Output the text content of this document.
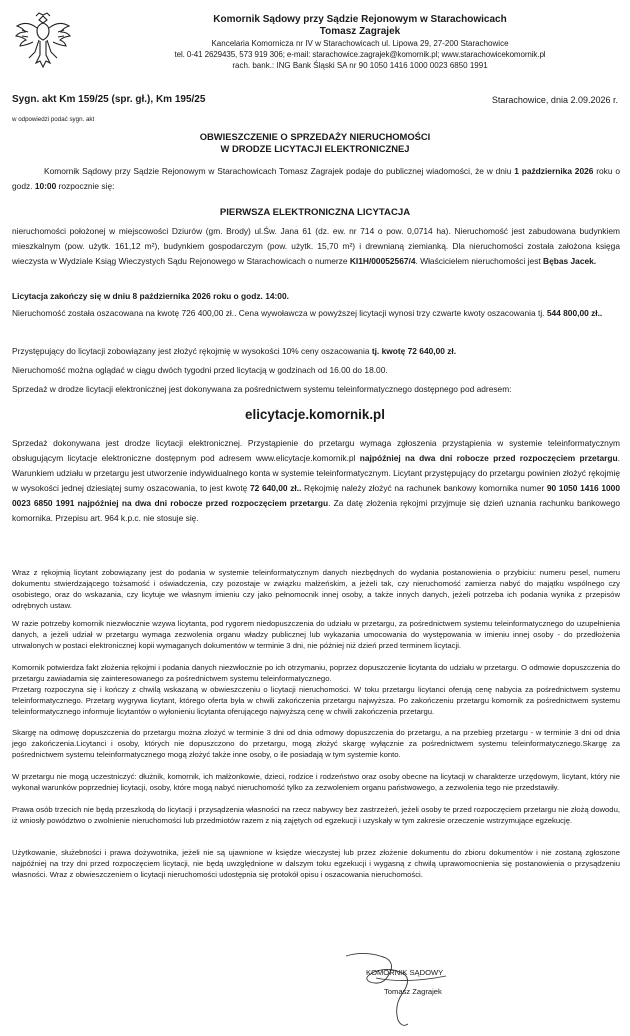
Komornik Sądowy przy Sądzie Rejonowym w Starachowicach
Tomasz Zagrajek
Kancelaria Komornicza nr IV w Starachowicach ul. Lipowa 29, 27-200 Starachowice
tel. 0-41 2629435, 573 919 306; e-mail: starachowice.zagrajek@komornik.pl; www.starachowicekomornik.pl
rach. bank.: ING Bank Śląski SA nr 90 1050 1416 1000 0023 6850 1991
Sygn. akt Km 159/25 (spr. gł.), Km 195/25	Starachowice, dnia 2.09.2026 r.
w odpowiedzi podać sygn. akt
OBWIESZCZENIE O SPRZEDAŻY NIERUCHOMOŚCI
W DRODZE LICYTACJI ELEKTRONICZNEJ
Komornik Sądowy przy Sądzie Rejonowym w Starachowicach Tomasz Zagrajek podaje do publicznej wiadomości, że w dniu 1 października 2026 roku o godz. 10:00 rozpocznie się:
PIERWSZA ELEKTRONICZNA LICYTACJA
nieruchomości położonej w miejscowości Dziurów (gm. Brody) ul.Św. Jana 61 (dz. ew. nr 714 o pow. 0,0714 ha). Nieruchomość jest zabudowana budynkiem mieszkalnym (pow. użytk. 161,12 m²), budynkiem gospodarczym (pow. użytk. 15,70 m²) i drewnianą ziemianką. Dla nieruchomości została założona księga wieczysta w Wydziale Ksiąg Wieczystych Sądu Rejonowego w Starachowicach o numerze KI1H/00052567/4. Właścicielem nieruchomości jest Bębas Jacek.
Licytacja zakończy się w dniu 8 października 2026 roku o godz. 14:00.
Nieruchomość została oszacowana na kwotę 726 400,00 zł.. Cena wywoławcza w powyższej licytacji wynosi trzy czwarte kwoty oszacowania tj. 544 800,00 zł..
Przystępujący do licytacji zobowiązany jest złożyć rękojmię w wysokości 10% ceny oszacowania tj. kwotę 72 640,00 zł.
Nieruchomość można oglądać w ciągu dwóch tygodni przed licytacją w godzinach od 16.00 do 18.00.
Sprzedaż w drodze licytacji elektronicznej jest dokonywana za pośrednictwem systemu teleinformatycznego dostępnego pod adresem:
elicytacje.komornik.pl
Sprzedaż dokonywana jest drodze licytacji elektronicznej. Przystąpienie do przetargu wymaga zgłoszenia przystąpienia w systemie teleinformatycznym obsługującym licytacje elektroniczne dostępnym pod adresem www.elicytacje.komornik.pl najpóźniej na dwa dni robocze przed rozpoczęciem przetargu. Warunkiem udziału w przetargu jest utworzenie indywidualnego konta w systemie teleinformatycznym. Licytant przystępujący do przetargu powinien złożyć rękojmię w wysokości jednej dziesiątej sumy oszacowania, to jest kwotę 72 640,00 zł.. Rękojmię należy złożyć na rachunek bankowy komornika numer 90 1050 1416 1000 0023 6850 1991 najpóźniej na dwa dni robocze przed rozpoczęciem przetargu. Za datę złożenia rękojmi przyjmuje się dzień uznania rachunku bankowego komornika. Przepisu art. 964 k.p.c. nie stosuje się.
Wraz z rękojmią licytant zobowiązany jest do podania w systemie teleinformatycznym danych niezbędnych do wydania postanowienia o przybiciu: numeru pesel, numeru dokumentu stwierdzającego tożsamość i oświadczenia, czy pozostaje w związku małżeńskim, a jeżeli tak, czy nieruchomość zamierza nabyć do majątku wspólnego czy osobistego, oraz do wskazania, czy licytuje we własnym imieniu czy jako pełnomocnik innej osoby, a także innych danych, jeżeli potrzeba ich podania wynika z przepisów odrębnych ustaw.
W razie potrzeby komornik niezwłocznie wzywa licytanta, pod rygorem niedopuszczenia do udziału w przetargu, za pośrednictwem systemu teleinformatycznego do uzupełnienia danych, a jeżeli udział w przetargu wymaga zezwolenia organu władzy publicznej lub wykazania umocowania do występowania w imieniu innej osoby - do przedłożenia utrwalonych w postaci elektronicznej kopii wymaganych dokumentów w terminie 3 dni, nie później niż dzień przed terminem licytacji.
Komornik potwierdza fakt złożenia rękojmi i podania danych niezwłocznie po ich otrzymaniu, poprzez dopuszczenie licytanta do udziału w przetargu. O odmowie dopuszczenia do przetargu zawiadamia się zainteresowanego za pośrednictwem systemu teleinformatycznego.
Przetarg rozpoczyna się i kończy z chwilą wskazaną w obwieszczeniu o licytacji nieruchomości. W toku przetargu licytanci oferują cenę nabycia za pośrednictwem systemu teleinformatycznego. Przetarg wygrywa licytant, którego oferta była w chwili zakończenia przetargu najwyższa. Po zakończeniu przetargu komornik za pośrednictwem systemu teleinformatycznego informuje licytantów o wyłonieniu licytanta oferującego najwyższą cenę w chwili zakończenia przetargu.
Skargę na odmowę dopuszczenia do przetargu można złożyć w terminie 3 dni od dnia odmowy dopuszczenia do przetargu, a na przebieg przetargu - w terminie 3 dni od dnia jego zakończenia.Licytanci i osoby, których nie dopuszczono do przetargu, mogą złożyć skargę wyłącznie za pośrednictwem systemu teleinformatycznego.Skargę za pośrednictwem systemu teleinformatycznego mogą złożyć także inne osoby, o ile posiadają w tym systemie konto.
W przetargu nie mogą uczestniczyć: dłużnik, komornik, ich małżonkowie, dzieci, rodzice i rodzeństwo oraz osoby obecne na licytacji w charakterze urzędowym, licytant, który nie wykonał warunków poprzedniej licytacji, osoby, które mogą nabyć nieruchomość tylko za zezwoleniem organu państwowego, a zezwolenia tego nie przedstawiły.
Prawa osób trzecich nie będą przeszkodą do licytacji i przysądzenia własności na rzecz nabywcy bez zastrzeżeń, jeżeli osoby te przed rozpoczęciem przetargu nie złożą dowodu, iż wniosły powództwo o zwolnienie nieruchomości lub przedmiotów razem z nią zajętych od egzekucji i uzyskały w tym zakresie orzeczenie wstrzymujące egzekucję.
Użytkowanie, służebności i prawa dożywotnika, jeżeli nie są ujawnione w księdze wieczystej lub przez złożenie dokumentu do zbioru dokumentów i nie zostaną zgłoszone najpóźniej na trzy dni przed rozpoczęciem licytacji, nie będą uwzględnione w dalszym toku egzekucji i wygasną z chwilą uprawomocnienia się postanowienia o przysądzeniu własności. Wraz z obwieszczeniem o licytacji nieruchomości udostępnia się protokół opisu i oszacowania nieruchomości.
KOMORNIK SĄDOWY
Tomasz Zagrajek
